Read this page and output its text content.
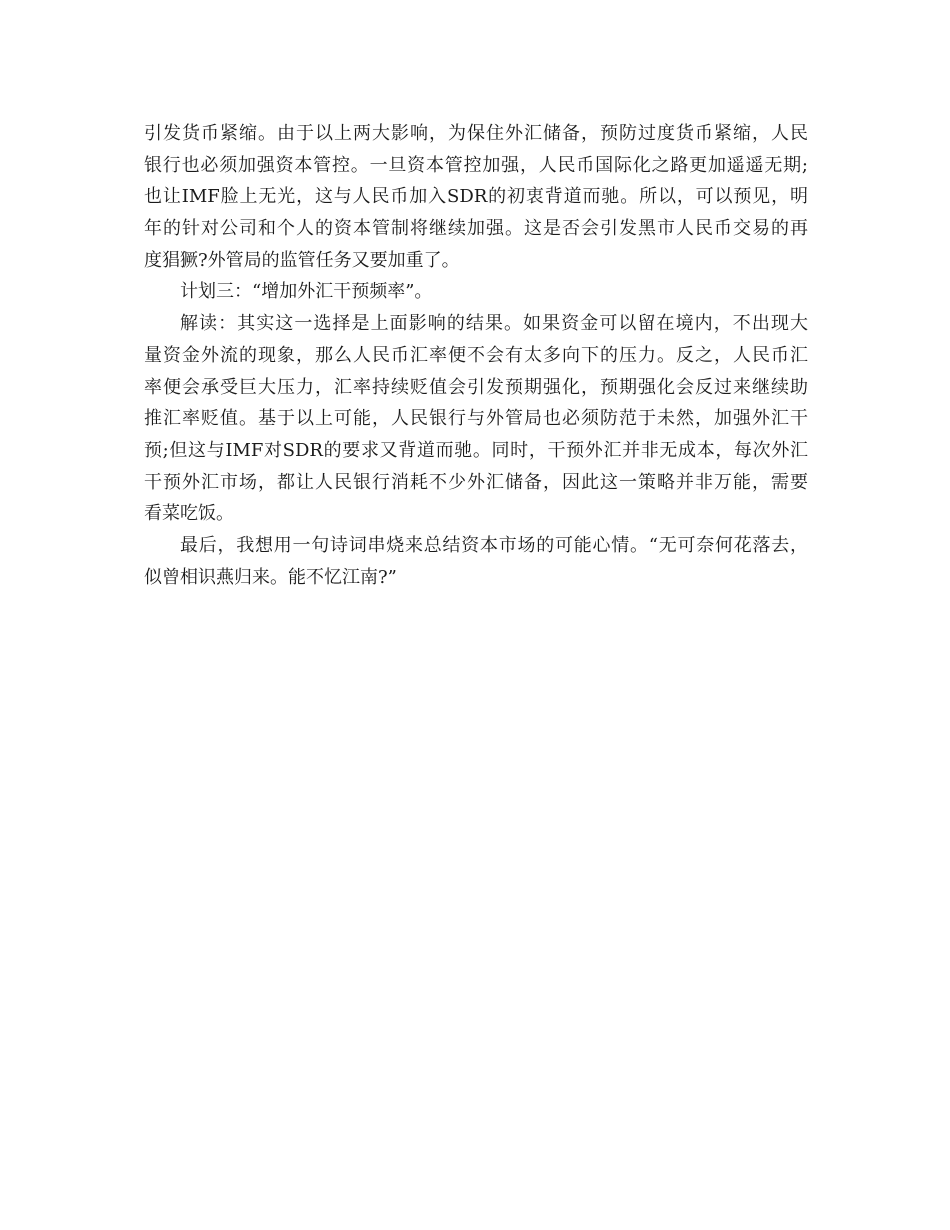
引发货币紧缩。由于以上两大影响，为保住外汇储备，预防过度货币紧缩，人民
银行也必须加强资本管控。一旦资本管控加强，人民币国际化之路更加遥遥无期;
也让IMF脸上无光，这与人民币加入SDR的初衷背道而驰。所以，可以预见，明
年的针对公司和个人的资本管制将继续加强。这是否会引发黑市人民币交易的再
度猖獗?外管局的监管任务又要加重了。
计划三：“增加外汇干预频率”。
解读：其实这一选择是上面影响的结果。如果资金可以留在境内，不出现大
量资金外流的现象，那么人民币汇率便不会有太多向下的压力。反之，人民币汇
率便会承受巨大压力，汇率持续贬值会引发预期强化，预期强化会反过来继续助
推汇率贬值。基于以上可能，人民银行与外管局也必须防范于未然，加强外汇干
预;但这与IMF对SDR的要求又背道而驰。同时，干预外汇并非无成本，每次外汇
干预外汇市场，都让人民银行消耗不少外汇储备，因此这一策略并非万能，需要
看菜吃饭。
最后，我想用一句诗词串烧来总结资本市场的可能心情。“无可奈何花落去，
似曾相识燕归来。能不忆江南?”
